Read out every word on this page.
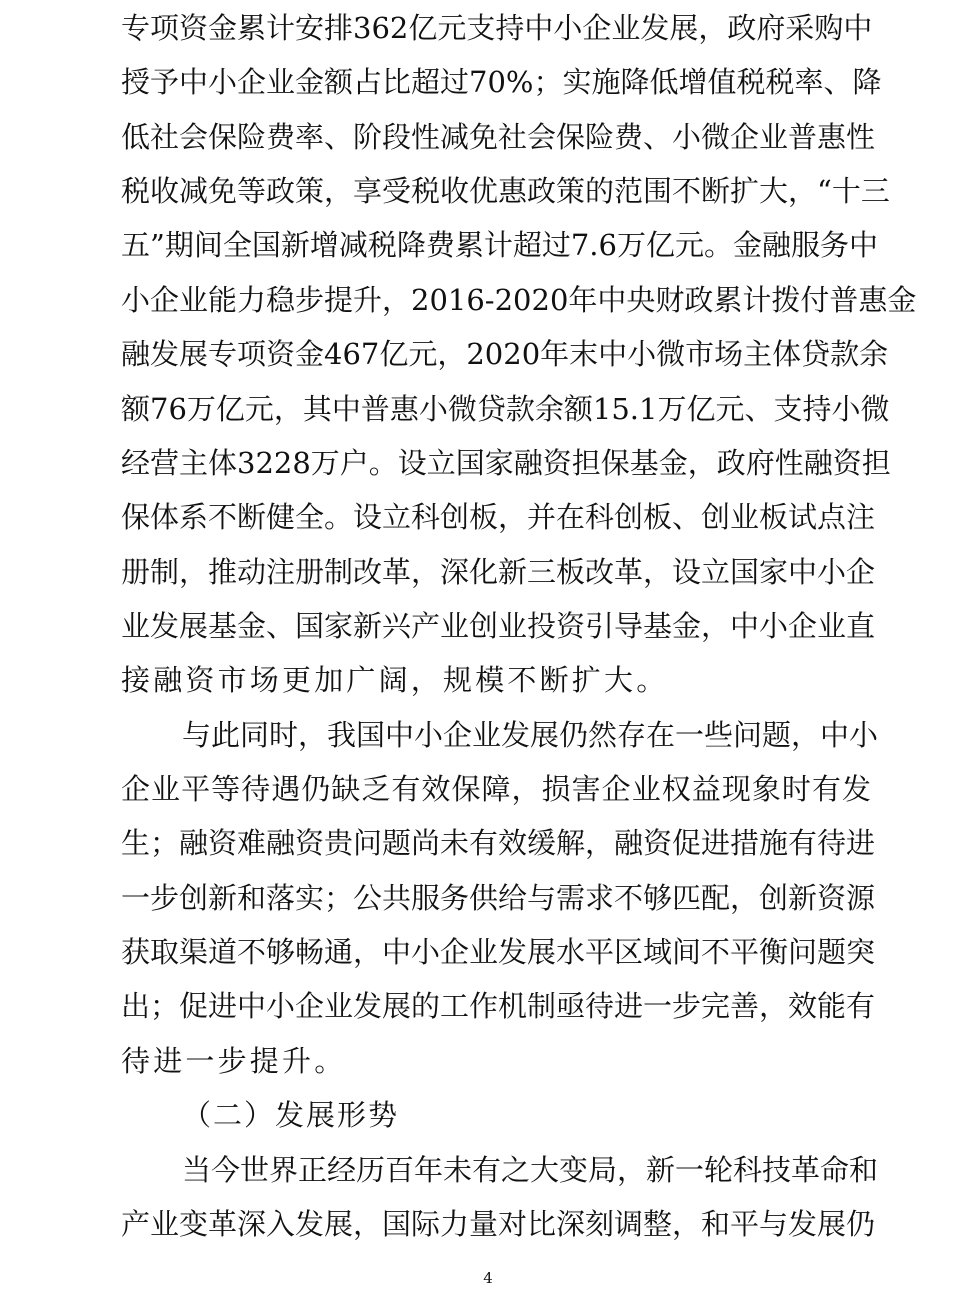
专项资金累计安排362亿元支持中小企业发展，政府采购中
授予中小企业金额占比超过70%；实施降低增值税税率、降
低社会保险费率、阶段性减免社会保险费、小微企业普惠性
税收减免等政策，享受税收优惠政策的范围不断扩大，“十三
五”期间全国新增减税降费累计超过7.6万亿元。金融服务中
小企业能力稳步提升，2016-2020年中央财政累计拨付普惠金
融发展专项资金467亿元，2020年末中小微市场主体贷款余
额76万亿元，其中普惠小微贷款余额15.1万亿元、支持小微
经营主体3228万户。设立国家融资担保基金，政府性融资担
保体系不断健全。设立科创板，并在科创板、创业板试点注
册制，推动注册制改革，深化新三板改革，设立国家中小企
业发展基金、国家新兴产业创业投资引导基金，中小企业直
接融资市场更加广阔，规模不断扩大。
与此同时，我国中小企业发展仍然存在一些问题，中小
企业平等待遇仍缺乏有效保障，损害企业权益现象时有发
生；融资难融资贵问题尚未有效缓解，融资促进措施有待进
一步创新和落实；公共服务供给与需求不够匹配，创新资源
获取渠道不够畅通，中小企业发展水平区域间不平衡问题突
出；促进中小企业发展的工作机制亟待进一步完善，效能有
待进一步提升。
（二）发展形势
当今世界正经历百年未有之大变局，新一轮科技革命和
产业变革深入发展，国际力量对比深刻调整，和平与发展仍
4
